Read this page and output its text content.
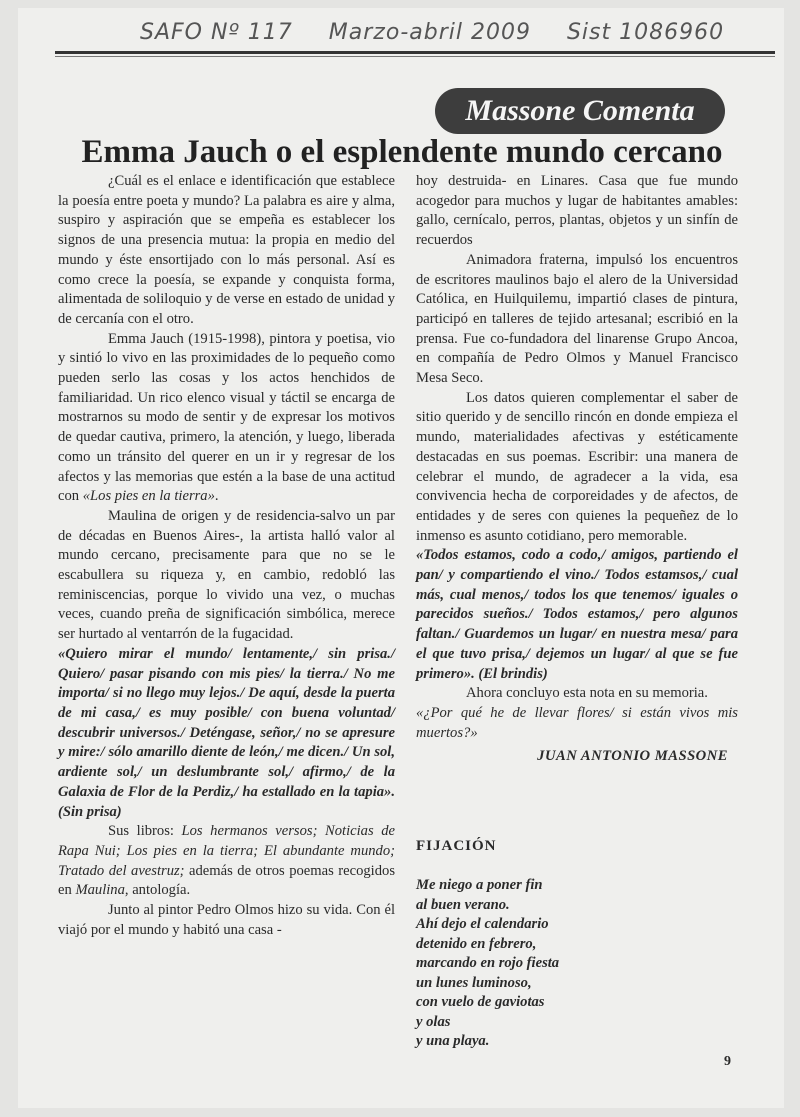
SAFO Nº 117 Marzo-abril 2009 Sist 1086960
Massone Comenta
Emma Jauch o el esplendente mundo cercano

¿Cuál es el enlace e identificación que establece la poesía entre poeta y mundo? La palabra es aire y alma, suspiro y aspiración que se empeña es establecer los signos de una presencia mutua: la propia en medio del mundo y éste ensortijado con lo más personal. Así es como crece la poesía, se expande y conquista forma, alimentada de soliloquio y de verse en estado de unidad y de cercanía con el otro.

Emma Jauch (1915-1998), pintora y poetisa, vio y sintió lo vivo en las proximidades de lo pequeño como pueden serlo las cosas y los actos henchidos de familiaridad. Un rico elenco visual y táctil se encarga de mostrarnos su modo de sentir y de expresar los motivos de quedar cautiva, primero, la atención, y luego, liberada como un tránsito del querer en un ir y regresar de los afectos y las memorias que estén a la base de una actitud con «Los pies en la tierra».

Maulina de origen y de residencia-salvo un par de décadas en Buenos Aires-, la artista halló valor al mundo cercano, precisamente para que no se le escabullera su riqueza y, en cambio, redobló las reminiscencias, porque lo vivido una vez, o muchas veces, cuando preña de significación simbólica, merece ser hurtado al ventarrón de la fugacidad.

«Quiero mirar el mundo/ lentamente,/ sin prisa./ Quiero/ pasar pisando con mis pies/ la tierra./ No me importa/ si no llego muy lejos./ De aquí, desde la puerta de mi casa,/ es muy posible/ con buena voluntad/ descubrir universos./ Deténgase, señor,/ no se apresure y mire:/ sólo amarillo diente de león,/ me dicen./ Un sol, ardiente sol,/ un deslumbrante sol,/ afirmo,/ de la Galaxia de Flor de la Perdiz,/ ha estallado en la tapia». (Sin prisa)

Sus libros: Los hermanos versos; Noticias de Rapa Nui; Los pies en la tierra; El abundante mundo; Tratado del avestruz; además de otros poemas recogidos en Maulina, antología.

Junto al pintor Pedro Olmos hizo su vida. Con él viajó por el mundo y habitó una casa -

hoy destruida- en Linares. Casa que fue mundo acogedor para muchos y lugar de habitantes amables: gallo, cernícalo, perros, plantas, objetos y un sinfín de recuerdos

Animadora fraterna, impulsó los encuentros de escritores maulinos bajo el alero de la Universidad Católica, en Huilquilemu, impartió clases de pintura, participó en talleres de tejido artesanal; escribió en la prensa. Fue co-fundadora del linarense Grupo Ancoa, en compañía de Pedro Olmos y Manuel Francisco Mesa Seco.

Los datos quieren complementar el saber de sitio querido y de sencillo rincón en donde empieza el mundo, materialidades afectivas y estéticamente destacadas en sus poemas. Escribir: una manera de celebrar el mundo, de agradecer a la vida, esa convivencia hecha de corporeidades y de afectos, de entidades y de seres con quienes la pequeñez de lo inmenso es asunto cotidiano, pero memorable.

«Todos estamos, codo a codo,/ amigos, partiendo el pan/ y compartiendo el vino./ Todos estamsos,/ cual más, cual menos,/ todos los que tenemos/ iguales o parecidos sueños./ Todos estamos,/ pero algunos faltan./ Guardemos un lugar/ en nuestra mesa/ para el que tuvo prisa,/ dejemos un lugar/ al que se fue primero». (El brindis)

Ahora concluyo esta nota en su memoria.

«¿Por qué he de llevar flores/ si están vivos mis muertos?»

JUAN ANTONIO MASSONE
FIJACIÓN
Me niego a poner fin
al buen verano.
Ahí dejo el calendario
detenido en febrero,
marcando en rojo fiesta
un lunes luminoso,
con vuelo de gaviotas
y olas
y una playa.
9
